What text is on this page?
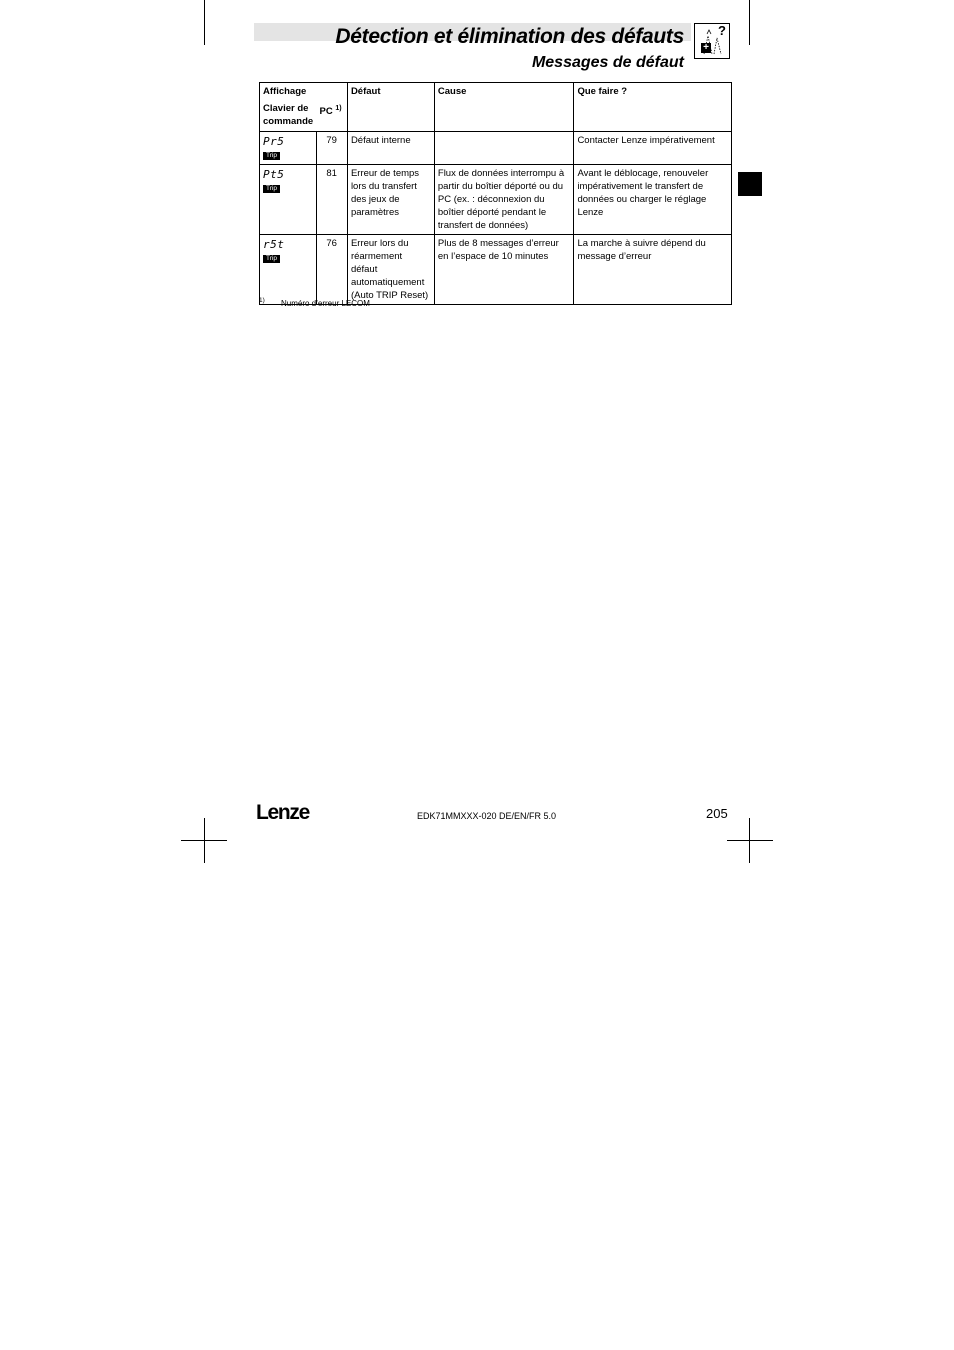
Détection et élimination des défauts
Messages de défaut
?
+
Affichage		Défaut	Cause	Que faire ?
Clavier de commande	PC $^{1)}$

Pr5
Trip	79	Défaut interne		Contacter Lenze impérativement

Pt5
Trip	81	Erreur de temps lors du transfert des jeux de paramètres	Flux de données interrompu à partir du boîtier déporté ou du PC (ex. : déconnexion du boîtier déporté pendant le transfert de données)	Avant le déblocage, renouveler impérativement le transfert de données ou charger le réglage Lenze

r5t
Trip	76	Erreur lors du réarmement défaut automatiquement (Auto TRIP Reset)	Plus de 8 messages d’erreur en l’espace de 10 minutes	La marche à suivre dépend du message d’erreur
1) Numéro d’erreur LECOM
Lenze	EDK71MMXXX-020 DE/EN/FR 5.0	205
